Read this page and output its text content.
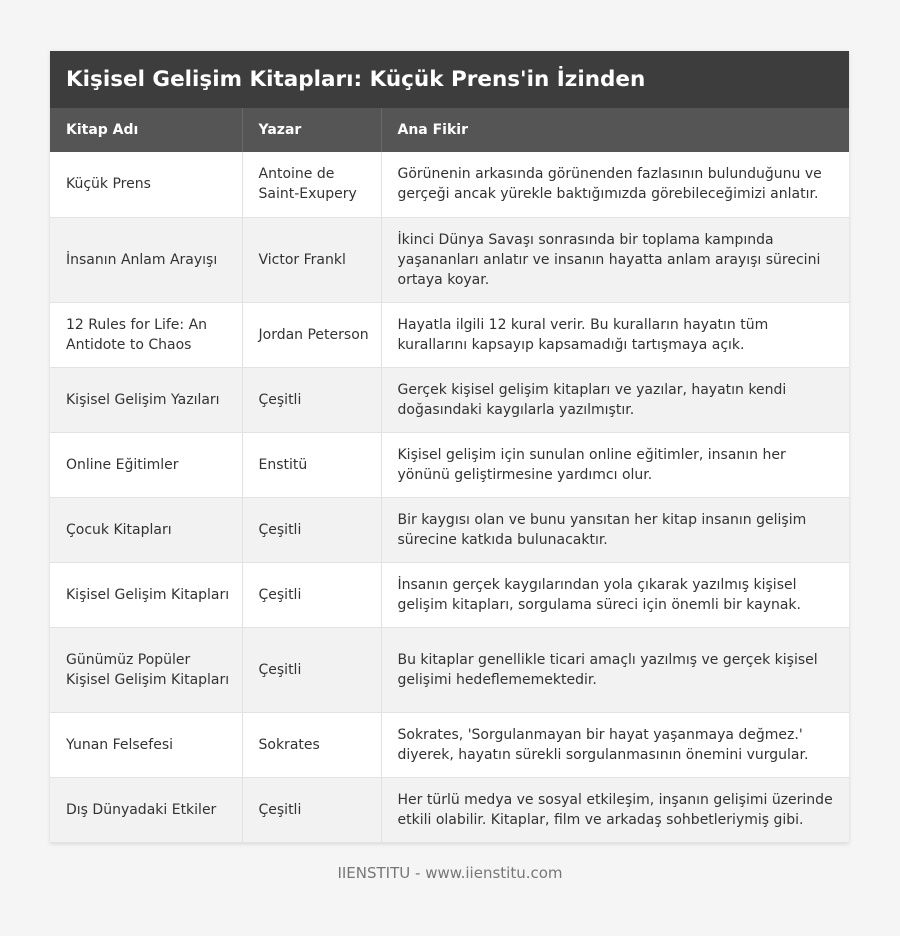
Kişisel Gelişim Kitapları: Küçük Prens'in İzinden
Kitap Adı	Yazar	Ana Fikir
Küçük Prens	Antoine de Saint-Exupery	Görünenin arkasında görünenden fazlasının bulunduğunu ve gerçeği ancak yürekle baktığımızda görebileceğimizi anlatır.
İnsanın Anlam Arayışı	Victor Frankl	İkinci Dünya Savaşı sonrasında bir toplama kampında yaşananları anlatır ve insanın hayatta anlam arayışı sürecini ortaya koyar.
12 Rules for Life: An Antidote to Chaos	Jordan Peterson	Hayatla ilgili 12 kural verir. Bu kuralların hayatın tüm kurallarını kapsayıp kapsamadığı tartışmaya açık.
Kişisel Gelişim Yazıları	Çeşitli	Gerçek kişisel gelişim kitapları ve yazılar, hayatın kendi doğasındaki kaygılarla yazılmıştır.
Online Eğitimler	Enstitü	Kişisel gelişim için sunulan online eğitimler, insanın her yönünü geliştirmesine yardımcı olur.
Çocuk Kitapları	Çeşitli	Bir kaygısı olan ve bunu yansıtan her kitap insanın gelişim sürecine katkıda bulunacaktır.
Kişisel Gelişim Kitapları	Çeşitli	İnsanın gerçek kaygılarından yola çıkarak yazılmış kişisel gelişim kitapları, sorgulama süreci için önemli bir kaynak.
Günümüz Popüler Kişisel Gelişim Kitapları	Çeşitli	Bu kitaplar genellikle ticari amaçlı yazılmış ve gerçek kişisel gelişimi hedeflememektedir.
Yunan Felsefesi	Sokrates	Sokrates, 'Sorgulanmayan bir hayat yaşanmaya değmez.' diyerek, hayatın sürekli sorgulanmasının önemini vurgular.
Dış Dünyadaki Etkiler	Çeşitli	Her türlü medya ve sosyal etkileşim, inşanın gelişimi üzerinde etkili olabilir. Kitaplar, film ve arkadaş sohbetleriymiş gibi.
IIENSTITU - www.iienstitu.com
